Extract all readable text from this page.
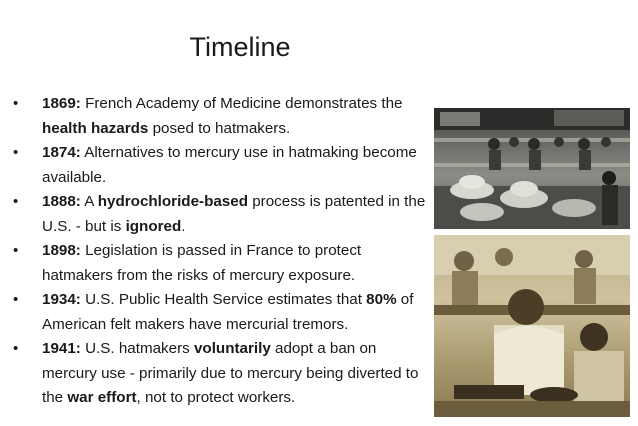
Timeline
• 1869: French Academy of Medicine demonstrates the health hazards posed to hatmakers.
• 1874: Alternatives to mercury use in hatmaking become available.
• 1888: A hydrochloride-based process is patented in the U.S. - but is ignored.
• 1898: Legislation is passed in France to protect hatmakers from the risks of mercury exposure.
• 1934: U.S. Public Health Service estimates that 80% of American felt makers have mercurial tremors.
• 1941: U.S. hatmakers voluntarily adopt a ban on mercury use - primarily due to mercury being diverted to the war effort, not to protect workers.
